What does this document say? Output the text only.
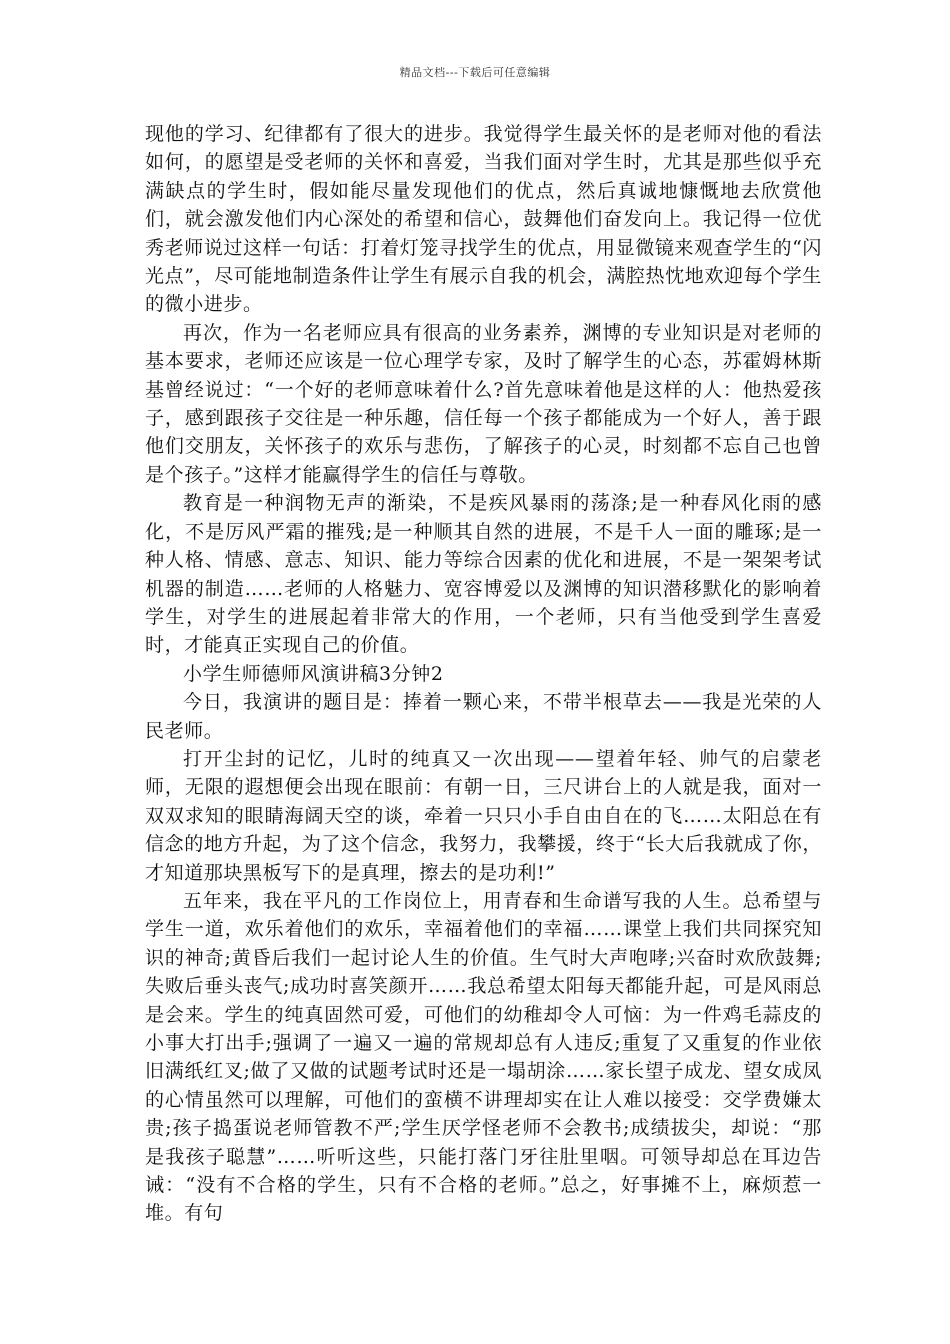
精品文档---下载后可任意编辑

现他的学习、纪律都有了很大的进步。我觉得学生最关怀的是老师对他的看法如何，的愿望是受老师的关怀和喜爱，当我们面对学生时，尤其是那些似乎充满缺点的学生时，假如能尽量发现他们的优点，然后真诚地慷慨地去欣赏他们，就会激发他们内心深处的希望和信心，鼓舞他们奋发向上。我记得一位优秀老师说过这样一句话：打着灯笼寻找学生的优点，用显微镜来观查学生的“闪光点”，尽可能地制造条件让学生有展示自我的机会，满腔热忱地欢迎每个学生的微小进步。

再次，作为一名老师应具有很高的业务素养，渊博的专业知识是对老师的基本要求，老师还应该是一位心理学专家，及时了解学生的心态，苏霍姆林斯基曾经说过：“一个好的老师意味着什么?首先意味着他是这样的人：他热爱孩子，感到跟孩子交往是一种乐趣，信任每一个孩子都能成为一个好人，善于跟他们交朋友，关怀孩子的欢乐与悲伤，了解孩子的心灵，时刻都不忘自己也曾是个孩子。”这样才能赢得学生的信任与尊敬。

教育是一种润物无声的渐染，不是疾风暴雨的荡涤;是一种春风化雨的感化，不是厉风严霜的摧残;是一种顺其自然的进展，不是千人一面的雕琢;是一种人格、情感、意志、知识、能力等综合因素的优化和进展，不是一架架考试机器的制造……老师的人格魅力、宽容博爱以及渊博的知识潜移默化的影响着学生，对学生的进展起着非常大的作用，一个老师，只有当他受到学生喜爱时，才能真正实现自己的价值。

小学生师德师风演讲稿3分钟2

今日，我演讲的题目是：捧着一颗心来，不带半根草去——我是光荣的人民老师。

打开尘封的记忆，儿时的纯真又一次出现——望着年轻、帅气的启蒙老师，无限的遐想便会出现在眼前：有朝一日，三尺讲台上的人就是我，面对一双双求知的眼睛海阔天空的谈，牵着一只只小手自由自在的飞……太阳总在有信念的地方升起，为了这个信念，我努力，我攀援，终于“长大后我就成了你，才知道那块黑板写下的是真理，擦去的是功利!”

五年来，我在平凡的工作岗位上，用青春和生命谱写我的人生。总希望与学生一道，欢乐着他们的欢乐，幸福着他们的幸福……课堂上我们共同探究知识的神奇;黄昏后我们一起讨论人生的价值。生气时大声咆哮;兴奋时欢欣鼓舞;失败后垂头丧气;成功时喜笑颜开……我总希望太阳每天都能升起，可是风雨总是会来。学生的纯真固然可爱，可他们的幼稚却令人可恼：为一件鸡毛蒜皮的小事大打出手;强调了一遍又一遍的常规却总有人违反;重复了又重复的作业依旧满纸红叉;做了又做的试题考试时还是一塌胡涂……家长望子成龙、望女成凤的心情虽然可以理解，可他们的蛮横不讲理却实在让人难以接受：交学费嫌太贵;孩子捣蛋说老师管教不严;学生厌学怪老师不会教书;成绩拔尖，却说：“那是我孩子聪慧”……听听这些，只能打落门牙往肚里咽。可领导却总在耳边告诫：“没有不合格的学生，只有不合格的老师。”总之，好事摊不上，麻烦惹一堆。有句
